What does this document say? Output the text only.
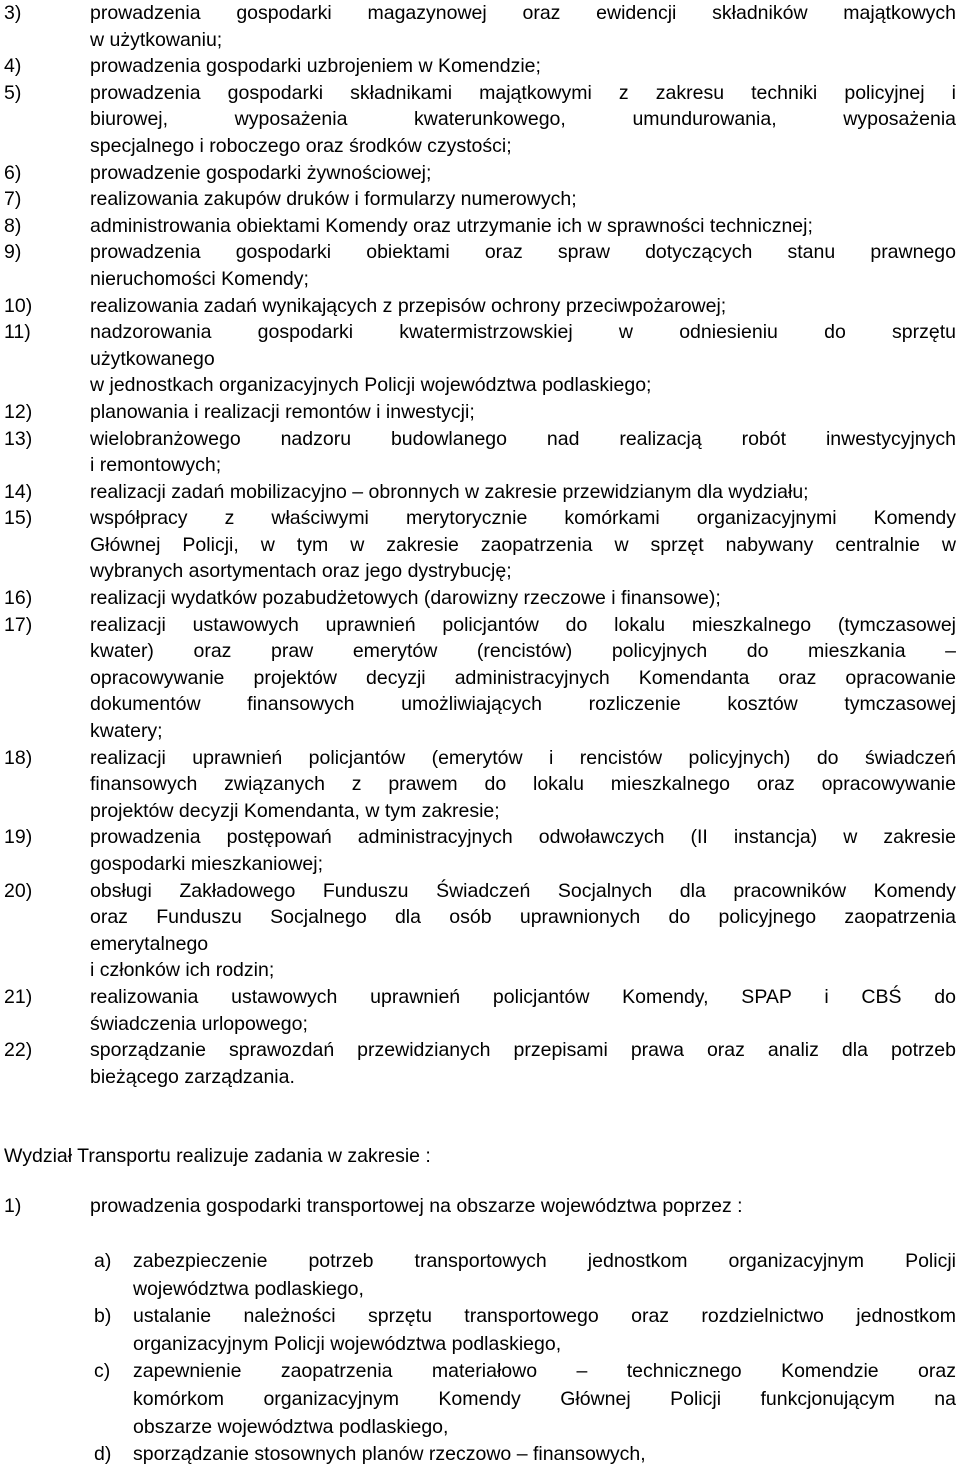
3)	prowadzenia gospodarki magazynowej oraz ewidencji składników majątkowych
w użytkowaniu;
4)	prowadzenia gospodarki uzbrojeniem w Komendzie;
5)	prowadzenia gospodarki składnikami majątkowymi z zakresu techniki policyjnej i
biurowej, wyposażenia kwaterunkowego, umundurowania, wyposażenia
specjalnego i roboczego oraz środków czystości;
6)	prowadzenie gospodarki żywnościowej;
7)	realizowania zakupów druków i formularzy numerowych;
8)	administrowania obiektami Komendy oraz utrzymanie ich w sprawności technicznej;
9)	prowadzenia gospodarki obiektami oraz spraw dotyczących stanu prawnego
nieruchomości Komendy;
10)	realizowania zadań wynikających z przepisów ochrony przeciwpożarowej;
11)	nadzorowania gospodarki kwatermistrzowskiej w odniesieniu do sprzętu
użytkowanego
w jednostkach organizacyjnych Policji województwa podlaskiego;
12)	planowania i realizacji remontów i inwestycji;
13)	wielobranżowego nadzoru budowlanego nad realizacją robót inwestycyjnych
i remontowych;
14)	realizacji zadań mobilizacyjno – obronnych w zakresie przewidzianym dla wydziału;
15)	współpracy z właściwymi merytorycznie komórkami organizacyjnymi Komendy
Głównej Policji, w tym w zakresie zaopatrzenia w sprzęt nabywany centralnie w
wybranych asortymentach oraz jego dystrybucję;
16)	realizacji wydatków pozabudżetowych (darowizny rzeczowe i finansowe);
17)	realizacji ustawowych uprawnień policjantów do lokalu mieszkalnego (tymczasowej
kwater) oraz praw emerytów (rencistów) policyjnych do mieszkania –
opracowywanie projektów decyzji administracyjnych Komendanta oraz opracowanie
dokumentów finansowych umożliwiających rozliczenie kosztów tymczasowej
kwatery;
18)	realizacji uprawnień policjantów (emerytów i rencistów policyjnych) do świadczeń
finansowych związanych z prawem do lokalu mieszkalnego oraz opracowywanie
projektów decyzji Komendanta, w tym zakresie;
19)	prowadzenia postępowań administracyjnych odwoławczych (II instancja) w zakresie
gospodarki mieszkaniowej;
20)	obsługi Zakładowego Funduszu Świadczeń Socjalnych dla pracowników Komendy
oraz Funduszu Socjalnego dla osób uprawnionych do policyjnego zaopatrzenia
emerytalnego
i członków ich rodzin;
21)	realizowania ustawowych uprawnień policjantów Komendy, SPAP i CBŚ do
świadczenia urlopowego;
22)	sporządzanie sprawozdań przewidzianych przepisami prawa oraz analiz dla potrzeb
bieżącego zarządzania.
Wydział Transportu realizuje zadania w zakresie :
1)	prowadzenia gospodarki transportowej na obszarze województwa poprzez :
a) zabezpieczenie potrzeb transportowych jednostkom organizacyjnym Policji
województwa podlaskiego,
b) ustalanie należności sprzętu transportowego oraz rozdzielnictwo jednostkom
organizacyjnym Policji województwa podlaskiego,
c) zapewnienie zaopatrzenia materiałowo – technicznego Komendzie oraz
komórkom organizacyjnym Komendy Głównej Policji funkcjonującym na
obszarze województwa podlaskiego,
d) sporządzanie stosownych planów rzeczowo – finansowych,
